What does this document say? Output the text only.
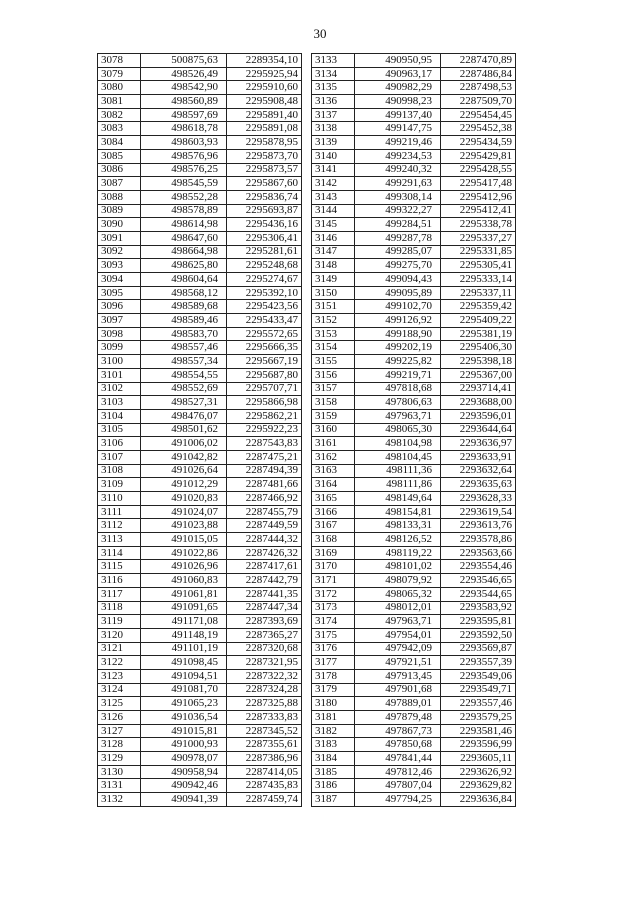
30
3078	500875,63	2289354,10
3079	498526,49	2295925,94
3080	498542,90	2295910,60
3081	498560,89	2295908,48
3082	498597,69	2295891,40
3083	498618,78	2295891,08
3084	498603,93	2295878,95
3085	498576,96	2295873,70
3086	498576,25	2295873,57
3087	498545,59	2295867,60
3088	498552,28	2295836,74
3089	498578,89	2295693,87
3090	498614,98	2295436,16
3091	498647,60	2295306,41
3092	498664,98	2295281,61
3093	498625,80	2295248,68
3094	498604,64	2295274,67
3095	498568,12	2295392,10
3096	498589,68	2295423,56
3097	498589,46	2295433,47
3098	498583,70	2295572,65
3099	498557,46	2295666,35
3100	498557,34	2295667,19
3101	498554,55	2295687,80
3102	498552,69	2295707,71
3103	498527,31	2295866,98
3104	498476,07	2295862,21
3105	498501,62	2295922,23
3106	491006,02	2287543,83
3107	491042,82	2287475,21
3108	491026,64	2287494,39
3109	491012,29	2287481,66
3110	491020,83	2287466,92
3111	491024,07	2287455,79
3112	491023,88	2287449,59
3113	491015,05	2287444,32
3114	491022,86	2287426,32
3115	491026,96	2287417,61
3116	491060,83	2287442,79
3117	491061,81	2287441,35
3118	491091,65	2287447,34
3119	491171,08	2287393,69
3120	491148,19	2287365,27
3121	491101,19	2287320,68
3122	491098,45	2287321,95
3123	491094,51	2287322,32
3124	491081,70	2287324,28
3125	491065,23	2287325,88
3126	491036,54	2287333,83
3127	491015,81	2287345,52
3128	491000,93	2287355,61
3129	490978,07	2287386,96
3130	490958,94	2287414,05
3131	490942,46	2287435,83
3132	490941,39	2287459,74
3133	490950,95	2287470,89
3134	490963,17	2287486,84
3135	490982,29	2287498,53
3136	490998,23	2287509,70
3137	499137,40	2295454,45
3138	499147,75	2295452,38
3139	499219,46	2295434,59
3140	499234,53	2295429,81
3141	499240,32	2295428,55
3142	499291,63	2295417,48
3143	499308,14	2295412,96
3144	499322,27	2295412,41
3145	499284,51	2295338,78
3146	499287,78	2295337,27
3147	499285,07	2295331,85
3148	499275,70	2295305,41
3149	499094,43	2295333,14
3150	499095,89	2295337,11
3151	499102,70	2295359,42
3152	499126,92	2295409,22
3153	499188,90	2295381,19
3154	499202,19	2295406,30
3155	499225,82	2295398,18
3156	499219,71	2295367,00
3157	497818,68	2293714,41
3158	497806,63	2293688,00
3159	497963,71	2293596,01
3160	498065,30	2293644,64
3161	498104,98	2293636,97
3162	498104,45	2293633,91
3163	498111,36	2293632,64
3164	498111,86	2293635,63
3165	498149,64	2293628,33
3166	498154,81	2293619,54
3167	498133,31	2293613,76
3168	498126,52	2293578,86
3169	498119,22	2293563,66
3170	498101,02	2293554,46
3171	498079,92	2293546,65
3172	498065,32	2293544,65
3173	498012,01	2293583,92
3174	497963,71	2293595,81
3175	497954,01	2293592,50
3176	497942,09	2293569,87
3177	497921,51	2293557,39
3178	497913,45	2293549,06
3179	497901,68	2293549,71
3180	497889,01	2293557,46
3181	497879,48	2293579,25
3182	497867,73	2293581,46
3183	497850,68	2293596,99
3184	497841,44	2293605,11
3185	497812,46	2293626,92
3186	497807,04	2293629,82
3187	497794,25	2293636,84
